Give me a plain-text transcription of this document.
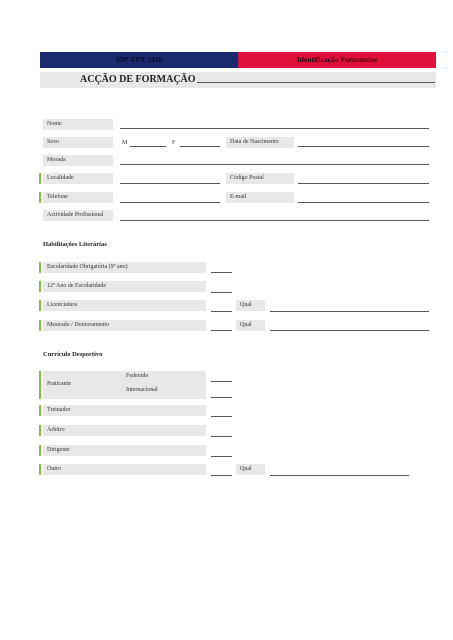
IDP-FPX 2010	Identificação Formandos
ACÇÃO DE FORMAÇÃO
Nome
Sexo	M	F	Data de Nascimento
Morada
Localidade	Código Postal
Telefone	E-mail
Actividade Profissional
Habilitações Literárias
Escolaridade Obrigatória (9º ano)
12º Ano de Escolaridade
Licenciatura	Qual
Mestrado / Doutoramento	Qual
Currículo Desportivo
Praticante
Federado
Internacional
Treinador
Árbitro
Dirigente
Outro	Qual
